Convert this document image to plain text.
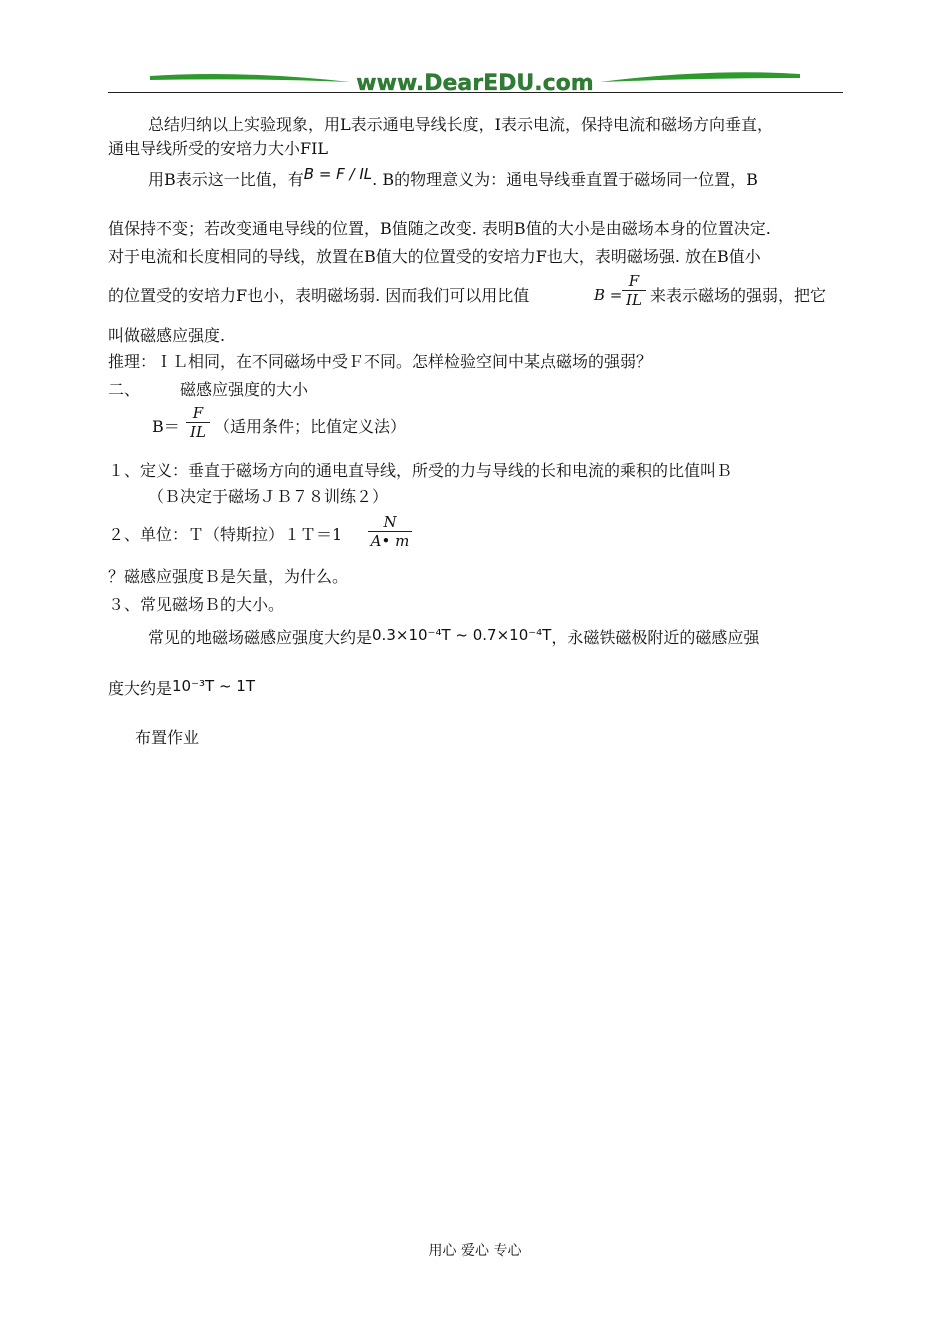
www.DearEDU.com
总结归纳以上实验现象，用L表示通电导线长度，I表示电流，保持电流和磁场方向垂直，
通电导线所受的安培力大小FIL
用B表示这一比值，有B = F / IL. B的物理意义为：通电导线垂直置于磁场同一位置，B
值保持不变；若改变通电导线的位置，B值随之改变. 表明B值的大小是由磁场本身的位置决定.
对于电流和长度相同的导线，放置在B值大的位置受的安培力F也大，表明磁场强. 放在B值小
的位置受的安培力F也小，表明磁场弱. 因而我们可以用比值	B =
F
IL 来表示磁场的强弱，把它
叫做磁感应强度.
推理：ＩＬ相同，在不同磁场中受Ｆ不同。怎样检验空间中某点磁场的强弱？
二、 磁感应强度的大小
B＝
F
IL （适用条件；比值定义法）
１、定义：垂直于磁场方向的通电直导线，所受的力与导线的长和电流的乘积的比值叫Ｂ
（Ｂ决定于磁场ＪＢ７８训练２）
２、单位：Ｔ（特斯拉）１Ｔ＝1
N
A• m
？磁感应强度Ｂ是矢量，为什么。
３、常见磁场Ｂ的大小。
常见的地磁场磁感应强度大约是0.3×10⁻⁴T ~ 0.7×10⁻⁴T，永磁铁磁极附近的磁感应强
度大约是10⁻³T ~ 1T
布置作业
用心 爱心 专心
